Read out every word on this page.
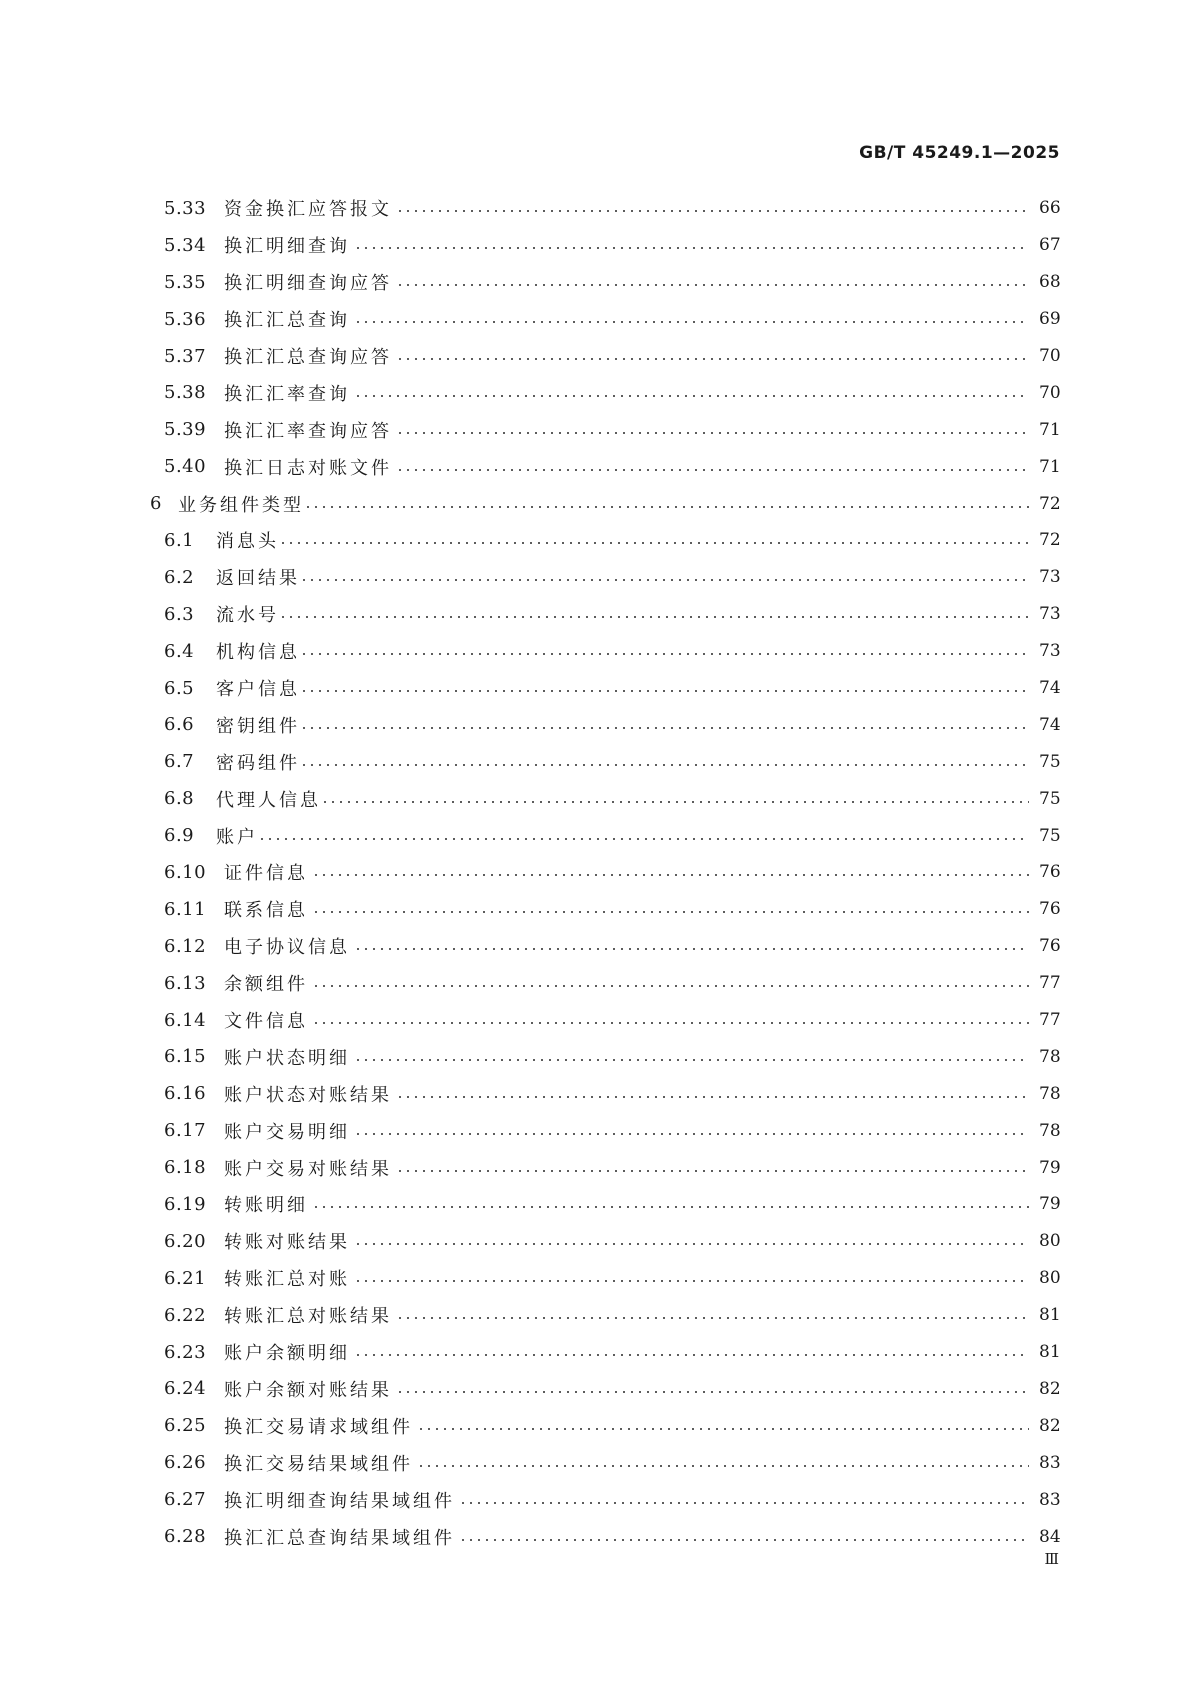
GB/T 45249.1—2025
5.33 资金换汇应答报文	66
5.34 换汇明细查询	67
5.35 换汇明细查询应答	68
5.36 换汇汇总查询	69
5.37 换汇汇总查询应答	70
5.38 换汇汇率查询	70
5.39 换汇汇率查询应答	71
5.40 换汇日志对账文件	71
6 业务组件类型	72
6.1	消息头	72
6.2	返回结果	73
6.3	流水号	73
6.4	机构信息	73
6.5	客户信息	74
6.6	密钥组件	74
6.7	密码组件	75
6.8	代理人信息	75
6.9	账户	75
6.10 证件信息	76
6.11 联系信息	76
6.12 电子协议信息	76
6.13 余额组件	77
6.14 文件信息	77
6.15 账户状态明细	78
6.16 账户状态对账结果	78
6.17 账户交易明细	78
6.18 账户交易对账结果	79
6.19 转账明细	79
6.20 转账对账结果	80
6.21 转账汇总对账	80
6.22 转账汇总对账结果	81
6.23 账户余额明细	81
6.24 账户余额对账结果	82
6.25 换汇交易请求域组件	82
6.26 换汇交易结果域组件	83
6.27 换汇明细查询结果域组件	83
6.28 换汇汇总查询结果域组件	84
Ⅲ
